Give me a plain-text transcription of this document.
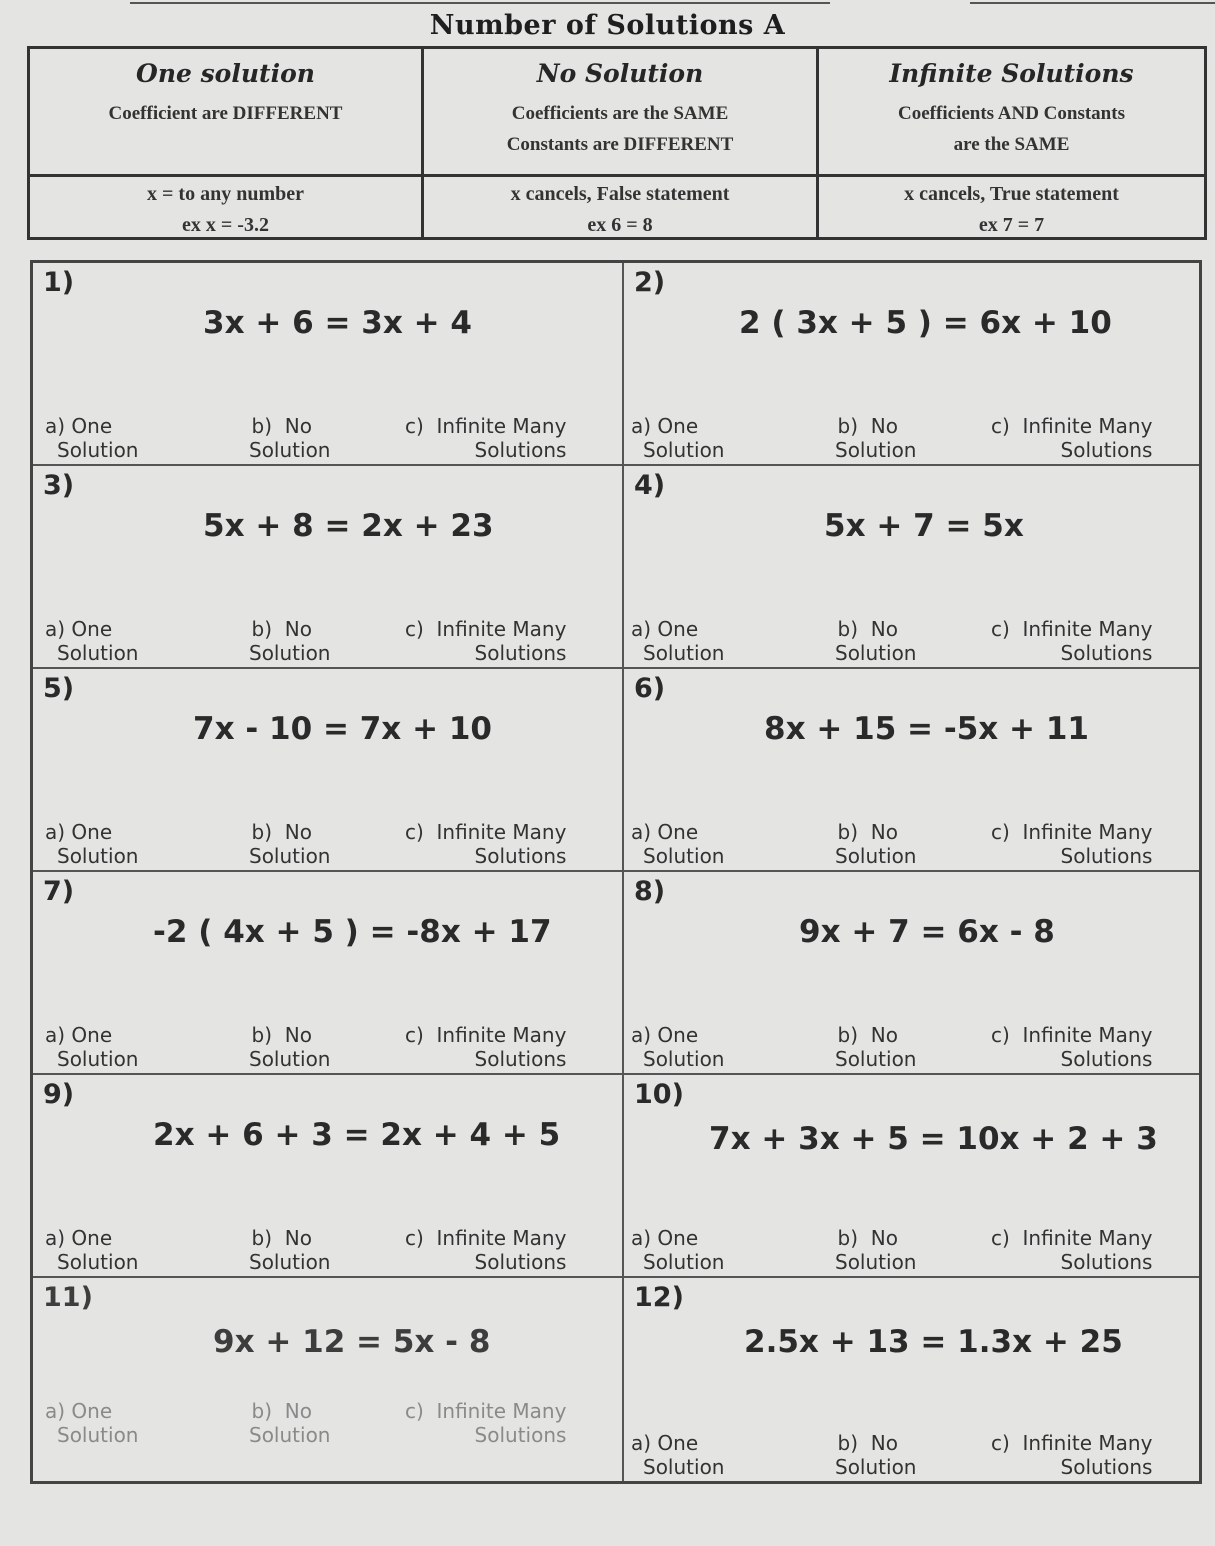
Number of Solutions A
One solution
Coefficient are DIFFERENT
No Solution
Coefficients are the SAME
Constants are DIFFERENT
Infinite Solutions
Coefficients AND Constants
are the SAME
x = to any number
ex x = -3.2
x cancels, False statement
ex 6 = 8
x cancels, True statement
ex 7 = 7
1)
3x + 6 = 3x + 4
a) One
Solution
b)  No
Solution
c)  Infinite Many
Solutions
2)
2 ( 3x + 5 ) = 6x + 10
a) One
Solution
b)  No
Solution
c)  Infinite Many
Solutions
3)
5x + 8 = 2x + 23
a) One
Solution
b)  No
Solution
c)  Infinite Many
Solutions
4)
5x + 7 = 5x
a) One
Solution
b)  No
Solution
c)  Infinite Many
Solutions
5)
7x - 10 = 7x + 10
a) One
Solution
b)  No
Solution
c)  Infinite Many
Solutions
6)
8x + 15 = -5x + 11
a) One
Solution
b)  No
Solution
c)  Infinite Many
Solutions
7)
-2 ( 4x + 5 ) = -8x + 17
a) One
Solution
b)  No
Solution
c)  Infinite Many
Solutions
8)
9x + 7 = 6x - 8
a) One
Solution
b)  No
Solution
c)  Infinite Many
Solutions
9)
2x + 6 + 3 = 2x + 4 + 5
a) One
Solution
b)  No
Solution
c)  Infinite Many
Solutions
10)
7x + 3x + 5 = 10x + 2 + 3
a) One
Solution
b)  No
Solution
c)  Infinite Many
Solutions
11)
9x + 12 = 5x - 8
a) One
Solution
b)  No
Solution
c)  Infinite Many
Solutions
12)
2.5x + 13 = 1.3x + 25
a) One
Solution
b)  No
Solution
c)  Infinite Many
Solutions
